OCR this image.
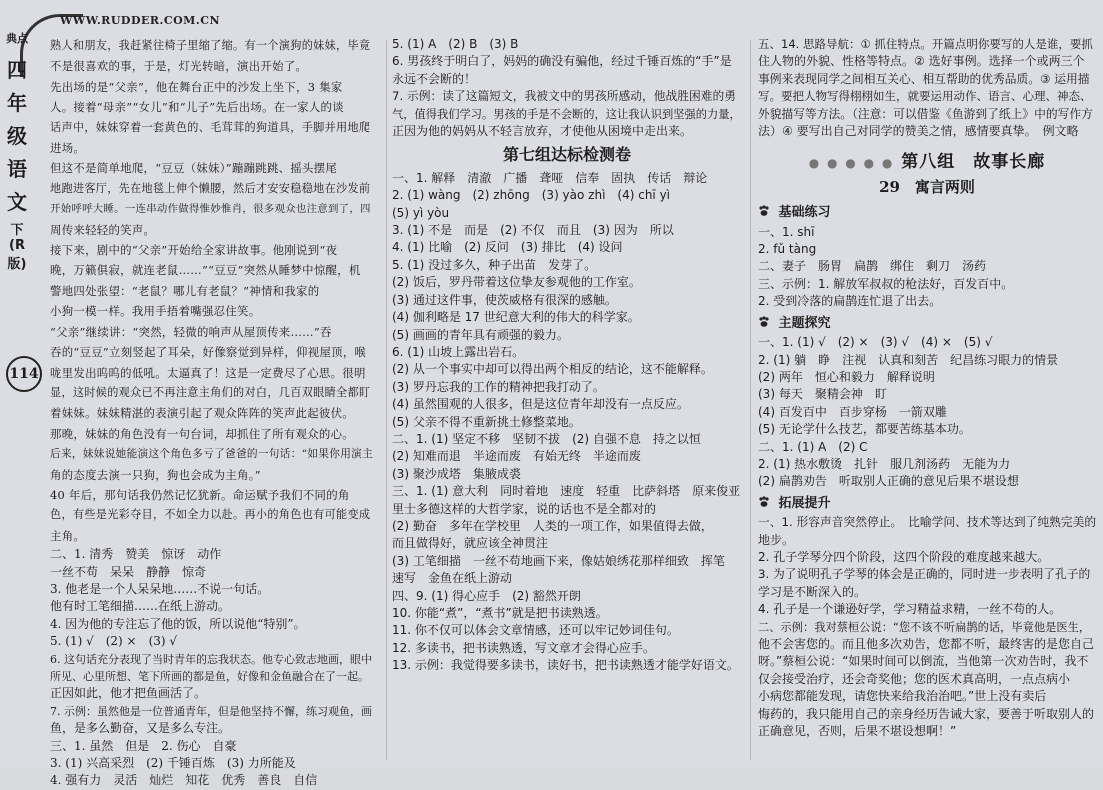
WWW.RUDDER.COM.CN
典点
四
年
级
语
文
下
(R版)
114

熟人和朋友，我赶紧往椅子里缩了缩。有一个演狗的妹妹，毕竟

不是很喜欢的事，于是，灯光转暗，演出开始了。

先出场的是“父亲”，他在舞台正中的沙发上坐下，3 集家

人。接着“母亲”“女儿”和“儿子”先后出场。在一家人的谈

话声中，妹妹穿着一套黄色的、毛茸茸的狗道具，手脚并用地爬

进场。

但这不是简单地爬，“豆豆（妹妹）”蹦蹦跳跳、摇头摆尾

地跑进客厅，先在地毯上伸个懒腰，然后才安安稳稳地在沙发前

开始呼呼大睡。一连串动作做得惟妙惟肖，很多观众也注意到了，四

周传来轻轻的笑声。

接下来，剧中的“父亲”开始给全家讲故事。他刚说到“夜

晚，万籁俱寂，就连老鼠……”“豆豆”突然从睡梦中惊醒，机

警地四处张望：“老鼠？哪儿有老鼠？”神情和我家的

小狗一模一样。我用手捂着嘴强忍住笑。

“父亲”继续讲：“突然，轻微的响声从屋顶传来……”吞

吞的“豆豆”立刻竖起了耳朵，好像察觉到异样，仰视屋顶，喉

咙里发出呜呜的低吼。太逼真了！这是一定费尽了心思。很明

显，这时候的观众已不再注意主角们的对白，几百双眼睛全都盯

着妹妹。妹妹精湛的表演引起了观众阵阵的笑声此起彼伏。

那晚，妹妹的角色没有一句台词，却抓住了所有观众的心。

后来，妹妹说她能演这个角色多亏了爸爸的一句话：“如果你用演主

角的态度去演一只狗，狗也会成为主角。”

40 年后，那句话我仍然记忆犹新。命运赋予我们不同的角

色，有些是光彩夺目，不如全力以赴。再小的角色也有可能变成

主角。

二、1. 清秀　赞美　惊讶　动作

一丝不苟　呆呆　静静　惊奇

3. 他老是一个人呆呆地……不说一句话。

他有时工笔细描……在纸上游动。

4. 因为他的专注忘了他的饭，所以说他“特别”。

5. (1) √　(2) ×　(3) √

6. 这句话充分表现了当时青年的忘我状态。他专心致志地画，眼中

所见、心里所想、笔下所画的都是鱼，好像和金鱼融合在了一起。

正因如此，他才把鱼画活了。

7. 示例：虽然他是一位普通青年，但是他坚持不懈，练习观鱼，画

鱼，是多么勤奋，又是多么专注。

三、1. 虽然　但是　2. 伤心　自豪

3. (1) 兴高采烈　(2) 千锤百炼　(3) 力所能及

4. 强有力　灵活　灿烂　知花　优秀　善良　自信

5. (1) A　(2) B　(3) B

6. 男孩终于明白了，妈妈的确没有骗他，经过千锤百炼的“手”是

永远不会断的！

7. 示例：读了这篇短文，我被文中的男孩所感动，他战胜困难的勇

气，值得我们学习。男孩的手是不会断的，这让我认识到坚强的力量，

正因为他的妈妈从不轻言放弃，才使他从困境中走出来。

第七组达标检测卷

一、1. 解释　清澈　广播　聋哑　信奉　固执　传话　辩论

2. (1) wàng　(2) zhōng　(3) yào zhì　(4) chī yì

(5) yì yòu

3. (1) 不是　而是　(2) 不仅　而且　(3) 因为　所以

4. (1) 比喻　(2) 反问　(3) 排比　(4) 设问

5. (1) 没过多久，种子出苗　发芽了。

(2) 饭后，罗丹带着这位挚友参观他的工作室。

(3) 通过这件事，使茨威格有很深的感触。

(4) 伽利略是 17 世纪意大利的伟大的科学家。

(5) 画画的青年具有顽强的毅力。

6. (1) 山坡上露出岩石。

(2) 从一个事实中却可以得出两个相反的结论，这不能解释。

(3) 罗丹忘我的工作的精神把我打动了。

(4) 虽然围观的人很多，但是这位青年却没有一点反应。

(5) 父亲不得不重新挑土修整菜地。

二、1. (1) 坚定不移　坚韧不拔　(2) 自强不息　持之以恒

(2) 知难而退　半途而废　有始无终　半途而废

(3) 聚沙成塔　集腋成裘

三、1. (1) 意大利　同时着地　速度　轻重　比萨斜塔　原来俊亚

里士多德这样的大哲学家，说的话也不是全都对的

(2) 勤奋　多年在学校里　人类的一项工作，如果值得去做，

而且做得好，就应该全神贯注

(3) 工笔细描　一丝不苟地画下来，像姑娘绣花那样细致　挥笔

速写　金鱼在纸上游动

四、9. (1) 得心应手　(2) 豁然开朗

10. 你能“煮”，“煮书”就是把书读熟透。

11. 你不仅可以体会文章情感，还可以牢记妙词佳句。

12. 多读书，把书读熟透，写文章才会得心应手。

13. 示例：我觉得要多读书，读好书，把书读熟透才能学好语文。

五、14. 思路导航：① 抓住特点。开篇点明你要写的人是谁，要抓

住人物的外貌、性格等特点。② 选好事例。选择一个或两三个

事例来表现同学之间相互关心、相互帮助的优秀品质。③ 运用描

写。要把人物写得栩栩如生，就要运用动作、语言、心理、神态、

外貌描写等方法。（注意：可以借鉴《鱼游到了纸上》中的写作方

法）④ 要写出自己对同学的赞美之情，感情要真挚。　例文略

● ● ● ● ● 第八组　故事长廊
29　寓言两则
基础练习

一、1. shī

2. fǔ tàng

二、妻子　肠胃　扁鹊　绑住　剩刀　汤药

三、示例：1. 解放军叔叔的枪法好，百发百中。

2. 受到冷落的扁鹊连忙退了出去。

主题探究

一、1. (1) √　(2) ×　(3) √　(4) ×　(5) √

2. (1) 躺　睁　注视　认真和刻苦　纪昌练习眼力的情景

(2) 两年　恒心和毅力　解释说明

(3) 每天　聚精会神　盯

(4) 百发百中　百步穿杨　一箭双雕

(5) 无论学什么技艺，都要苦练基本功。

二、1. (1) A　(2) C

2. (1) 热水敷烫　扎针　服几剂汤药　无能为力

(2) 扁鹊劝告　听取别人正确的意见后果不堪设想

拓展提升

一、1. 形容声音突然停止。　比喻学问、技术等达到了纯熟完美的

地步。

2. 孔子学琴分四个阶段，这四个阶段的难度越来越大。

3. 为了说明孔子学琴的体会是正确的，同时进一步表明了孔子的

学习是不断深入的。

4. 孔子是一个谦逊好学，学习精益求精，一丝不苟的人。

二、示例：我对蔡桓公说：“您不该不听扁鹊的话，毕竟他是医生，

他不会害您的。而且他多次劝告，您都不听，最终害的是您自己

呀。”蔡桓公说：“如果时间可以倒流，当他第一次劝告时，我不

仅会接受治疗，还会奇奖他；您的医术真高明，一点点病小

小病您都能发现，请您快来给我治治吧。”世上没有卖后

悔药的，我只能用自己的亲身经历告诫大家，要善于听取别人的

正确意见，否则，后果不堪设想啊！”
